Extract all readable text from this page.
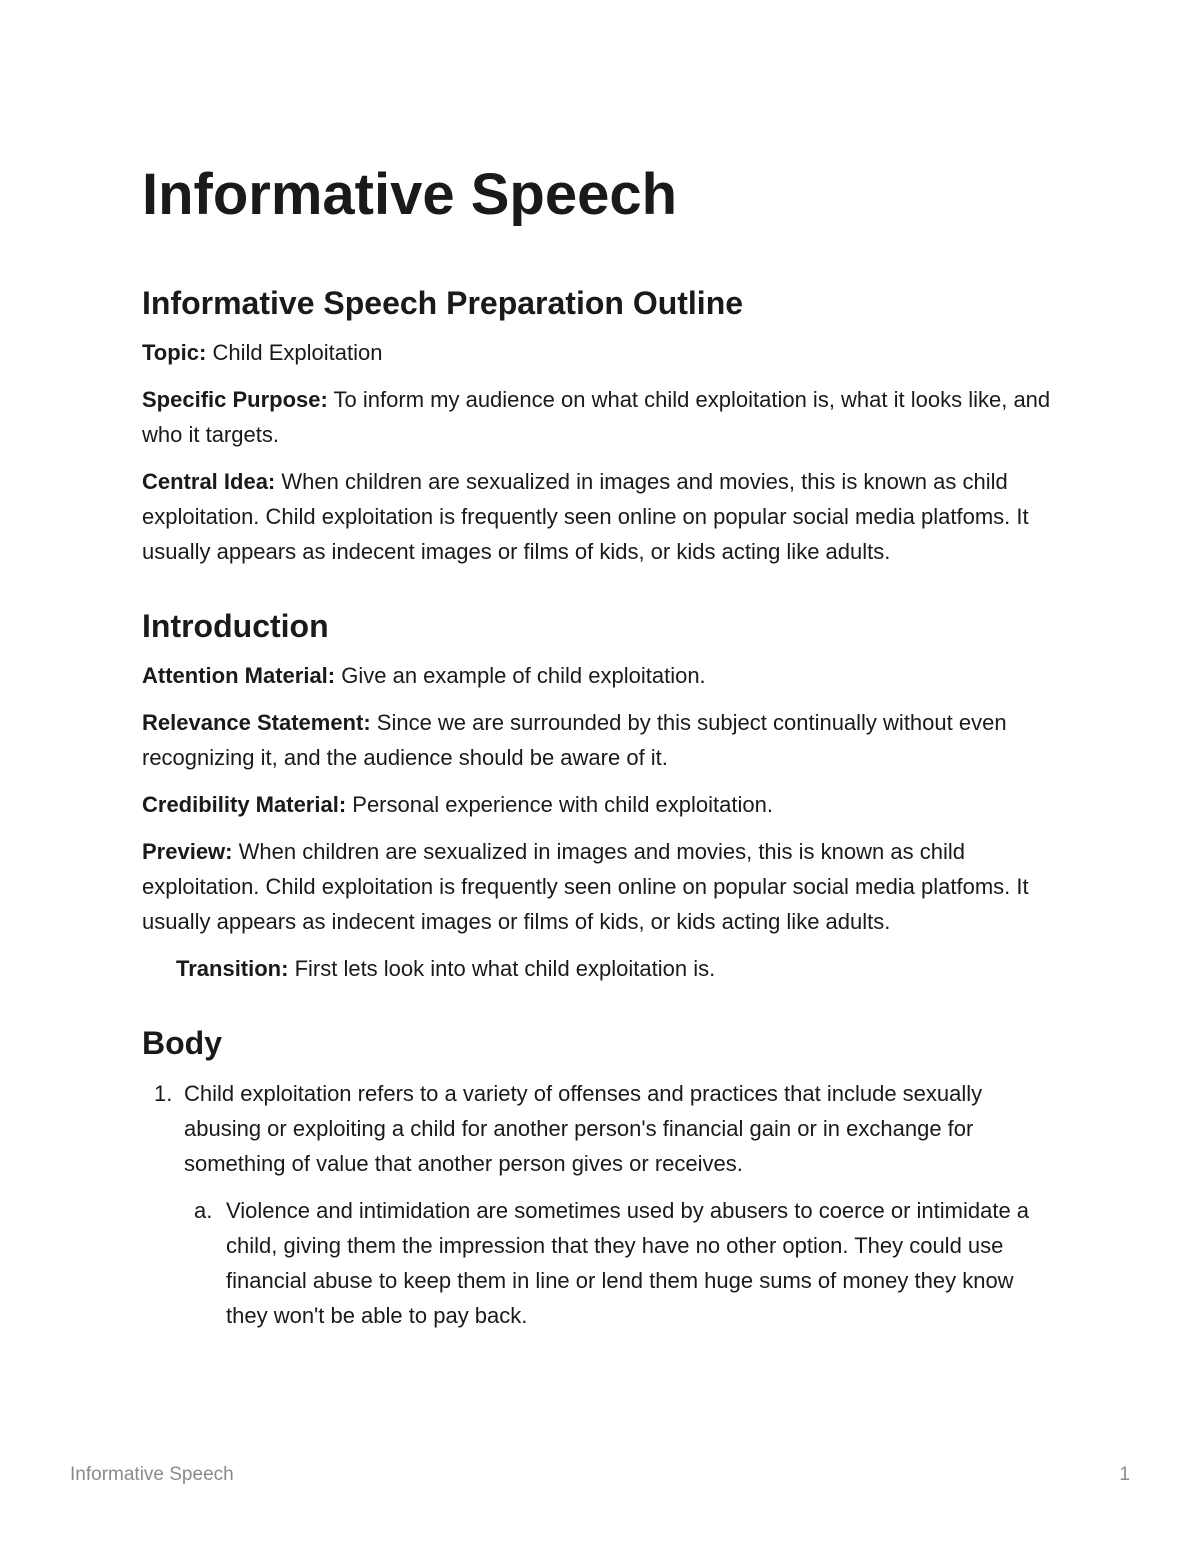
Informative Speech
Informative Speech Preparation Outline

Topic: Child Exploitation

Specific Purpose: To inform my audience on what child exploitation is, what it looks like, and who it targets.

Central Idea: When children are sexualized in images and movies, this is known as child exploitation. Child exploitation is frequently seen online on popular social media platfoms. It usually appears as indecent images or films of kids, or kids acting like adults.

Introduction

Attention Material: Give an example of child exploitation.

Relevance Statement: Since we are surrounded by this subject continually without even recognizing it, and the audience should be aware of it.

Credibility Material: Personal experience with child exploitation.

Preview: When children are sexualized in images and movies, this is known as child exploitation. Child exploitation is frequently seen online on popular social media platfoms. It usually appears as indecent images or films of kids, or kids acting like adults.

Transition: First lets look into what child exploitation is.

Body
1. Child exploitation refers to a variety of offenses and practices that include sexually abusing or exploiting a child for another person's financial gain or in exchange for something of value that another person gives or receives.
a. Violence and intimidation are sometimes used by abusers to coerce or intimidate a child, giving them the impression that they have no other option. They could use financial abuse to keep them in line or lend them huge sums of money they know they won't be able to pay back.
Informative Speech	1
